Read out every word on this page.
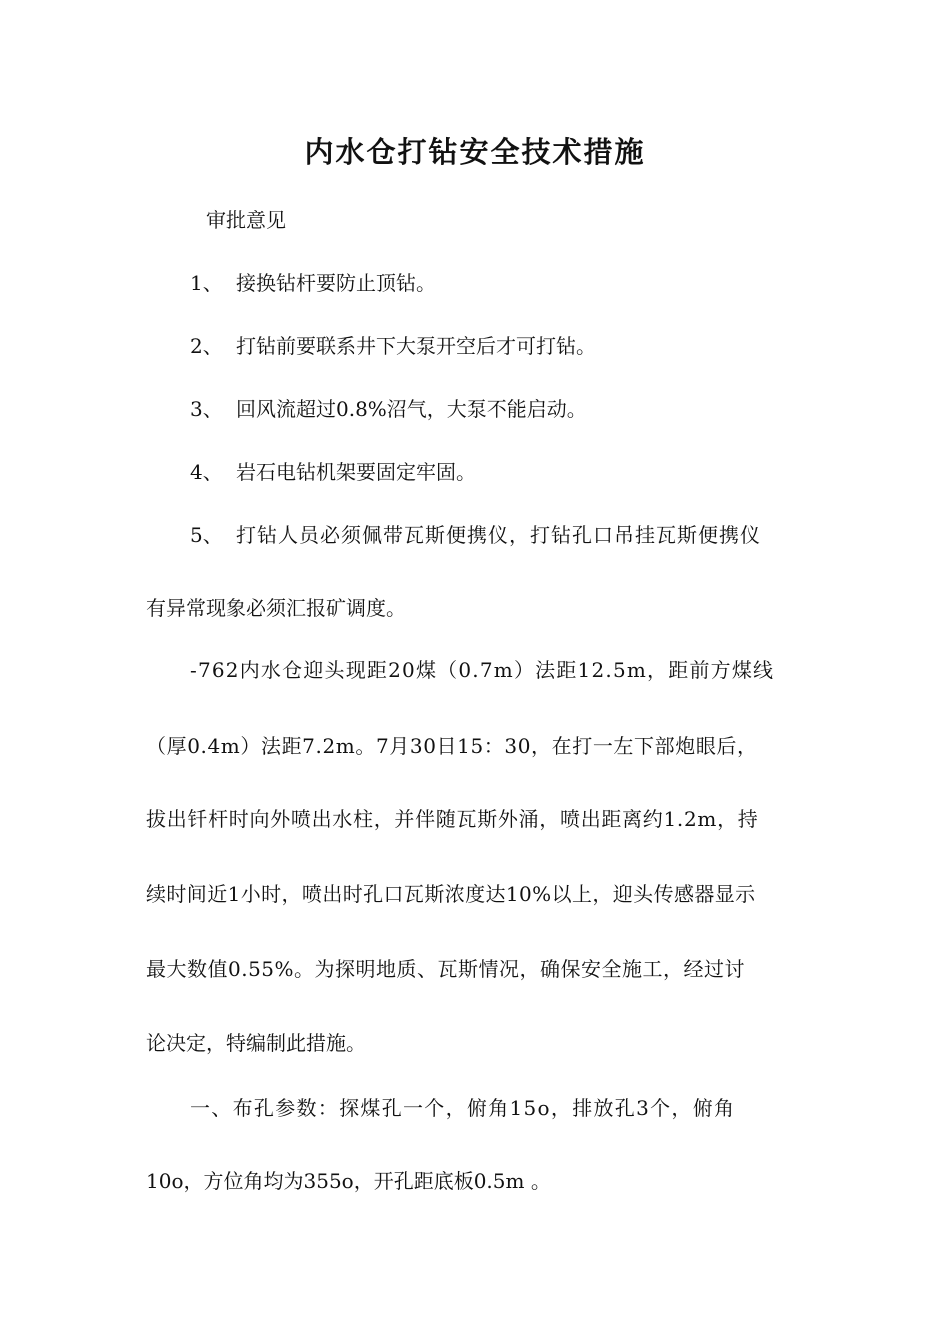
内水仓打钻安全技术措施
审批意见
1、 接换钻杆要防止顶钻。
2、 打钻前要联系井下大泵开空后才可打钻。
3、 回风流超过0.8%沼气，大泵不能启动。
4、 岩石电钻机架要固定牢固。
5、 打钻人员必须佩带瓦斯便携仪，打钻孔口吊挂瓦斯便携仪
有异常现象必须汇报矿调度。
-762内水仓迎头现距20煤（0.7m）法距12.5m，距前方煤线
（厚0.4m）法距7.2m。7月30日15：30，在打一左下部炮眼后，
拔出钎杆时向外喷出水柱，并伴随瓦斯外涌，喷出距离约1.2m，持
续时间近1小时，喷出时孔口瓦斯浓度达10%以上，迎头传感器显示
最大数值0.55%。为探明地质、瓦斯情况，确保安全施工，经过讨
论决定，特编制此措施。
一、布孔参数：探煤孔一个，俯角15o，排放孔3个，俯角
10o，方位角均为355o，开孔距底板0.5m 。
